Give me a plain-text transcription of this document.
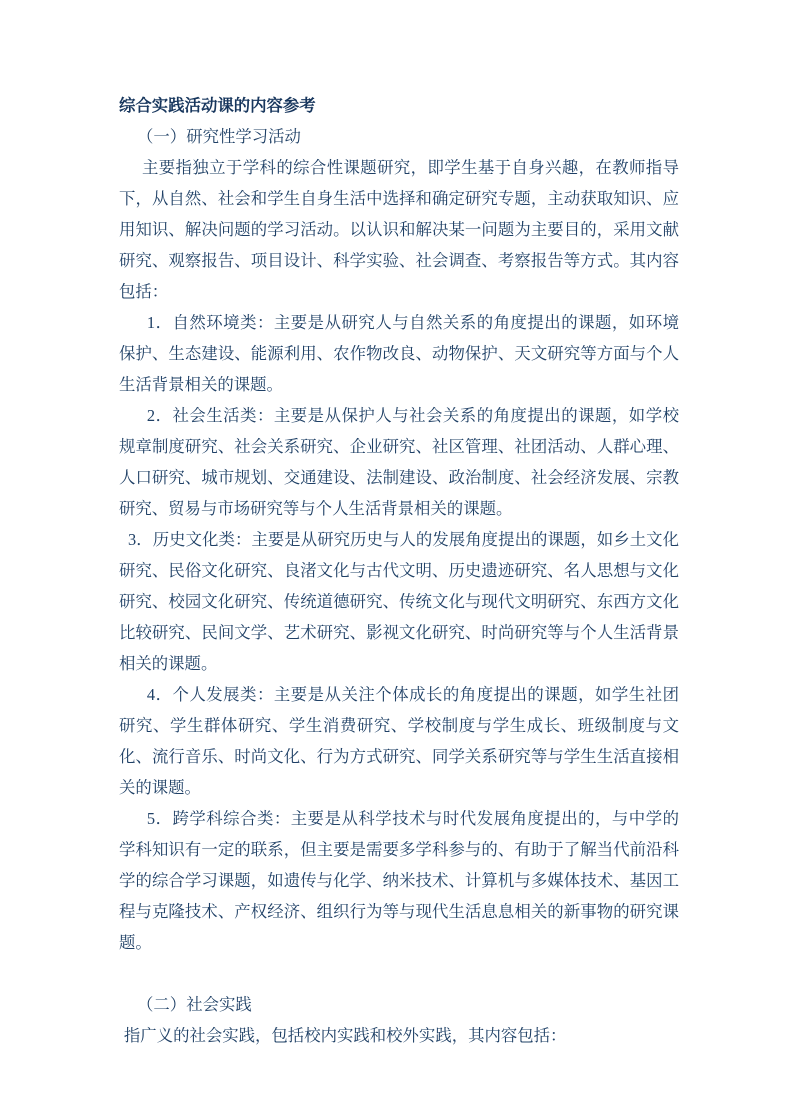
综合实践活动课的内容参考

（一）研究性学习活动

主要指独立于学科的综合性课题研究，即学生基于自身兴趣，在教师指导下，从自然、社会和学生自身生活中选择和确定研究专题，主动获取知识、应用知识、解决问题的学习活动。以认识和解决某一问题为主要目的，采用文献研究、观察报告、项目设计、科学实验、社会调查、考察报告等方式。其内容包括：

1．自然环境类：主要是从研究人与自然关系的角度提出的课题，如环境保护、生态建设、能源利用、农作物改良、动物保护、天文研究等方面与个人生活背景相关的课题。

2．社会生活类：主要是从保护人与社会关系的角度提出的课题，如学校规章制度研究、社会关系研究、企业研究、社区管理、社团活动、人群心理、人口研究、城市规划、交通建设、法制建设、政治制度、社会经济发展、宗教研究、贸易与市场研究等与个人生活背景相关的课题。

3．历史文化类：主要是从研究历史与人的发展角度提出的课题，如乡土文化研究、民俗文化研究、良渚文化与古代文明、历史遗迹研究、名人思想与文化研究、校园文化研究、传统道德研究、传统文化与现代文明研究、东西方文化比较研究、民间文学、艺术研究、影视文化研究、时尚研究等与个人生活背景相关的课题。

4．个人发展类：主要是从关注个体成长的角度提出的课题，如学生社团研究、学生群体研究、学生消费研究、学校制度与学生成长、班级制度与文化、流行音乐、时尚文化、行为方式研究、同学关系研究等与学生生活直接相关的课题。

5．跨学科综合类：主要是从科学技术与时代发展角度提出的，与中学的学科知识有一定的联系，但主要是需要多学科参与的、有助于了解当代前沿科学的综合学习课题，如遗传与化学、纳米技术、计算机与多媒体技术、基因工程与克隆技术、产权经济、组织行为等与现代生活息息相关的新事物的研究课题。

（二）社会实践

指广义的社会实践，包括校内实践和校外实践，其内容包括：
